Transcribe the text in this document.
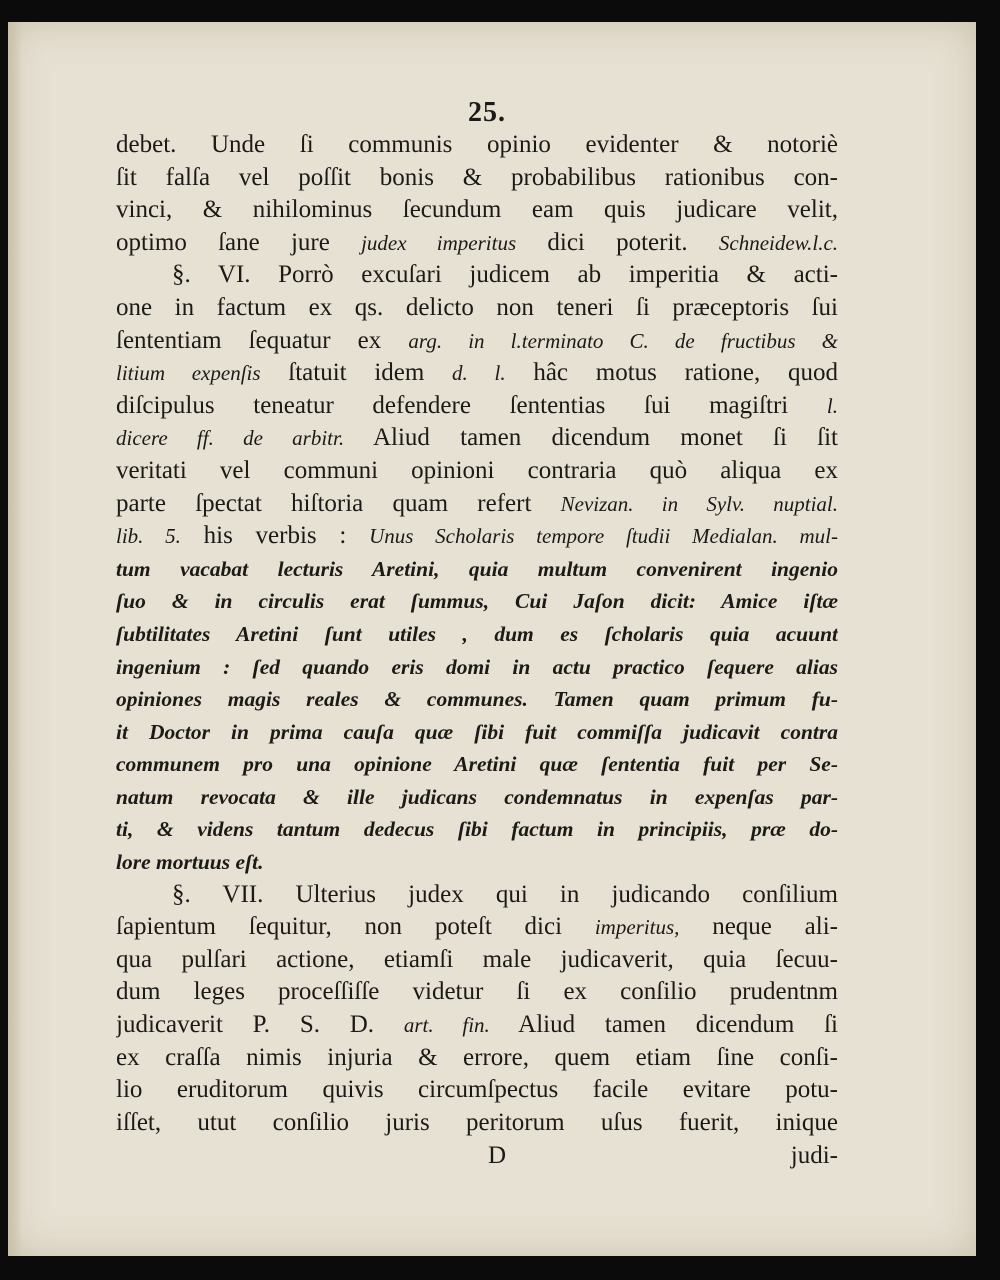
25.
debet. Unde ſi communis opinio evidenter & notoriè
ſit falſa vel poſſit bonis & probabilibus rationibus con-
vinci, & nihilominus ſecundum eam quis judicare velit,
optimo ſane jure judex imperitus dici poterit. Schneidew.l.c.
§. VI. Porrò excuſari judicem ab imperitia & acti-
one in factum ex qs. delicto non teneri ſi præceptoris ſui
ſententiam ſequatur ex arg. in l.terminato C. de fructibus &
litium expenſis ſtatuit idem d. l. hâc motus ratione, quod
diſcipulus teneatur defendere ſententias ſui magiſtri l.
dicere ff. de arbitr. Aliud tamen dicendum monet ſi ſit
veritati vel communi opinioni contraria quò aliqua ex
parte ſpectat hiſtoria quam refert Nevizan. in Sylv. nuptial.
lib. 5. his verbis : Unus Scholaris tempore ſtudii Medialan. mul-
tum vacabat lecturis Aretini, quia multum convenirent ingenio
ſuo & in circulis erat ſummus, Cui Jaſon dicit: Amice iſtæ
ſubtilitates Aretini ſunt utiles , dum es ſcholaris quia acuunt
ingenium : ſed quando eris domi in actu practico ſequere alias
opiniones magis reales & communes. Tamen quam primum fu-
it Doctor in prima cauſa quæ ſibi fuit commiſſa judicavit contra
communem pro una opinione Aretini quæ ſententia fuit per Se-
natum revocata & ille judicans condemnatus in expenſas par-
ti, & videns tantum dedecus ſibi factum in principiis, præ do-
lore mortuus eſt.
§. VII. Ulterius judex qui in judicando conſilium
ſapientum ſequitur, non poteſt dici imperitus, neque ali-
qua pulſari actione, etiamſi male judicaverit, quia ſecuu-
dum leges proceſſiſſe videtur ſi ex conſilio prudentnm
judicaverit P. S. D. art. fin. Aliud tamen dicendum ſi
ex craſſa nimis injuria & errore, quem etiam ſine conſi-
lio eruditorum quivis circumſpectus facile evitare potu-
iſſet, utut conſilio juris peritorum uſus fuerit, inique
D	judi-
